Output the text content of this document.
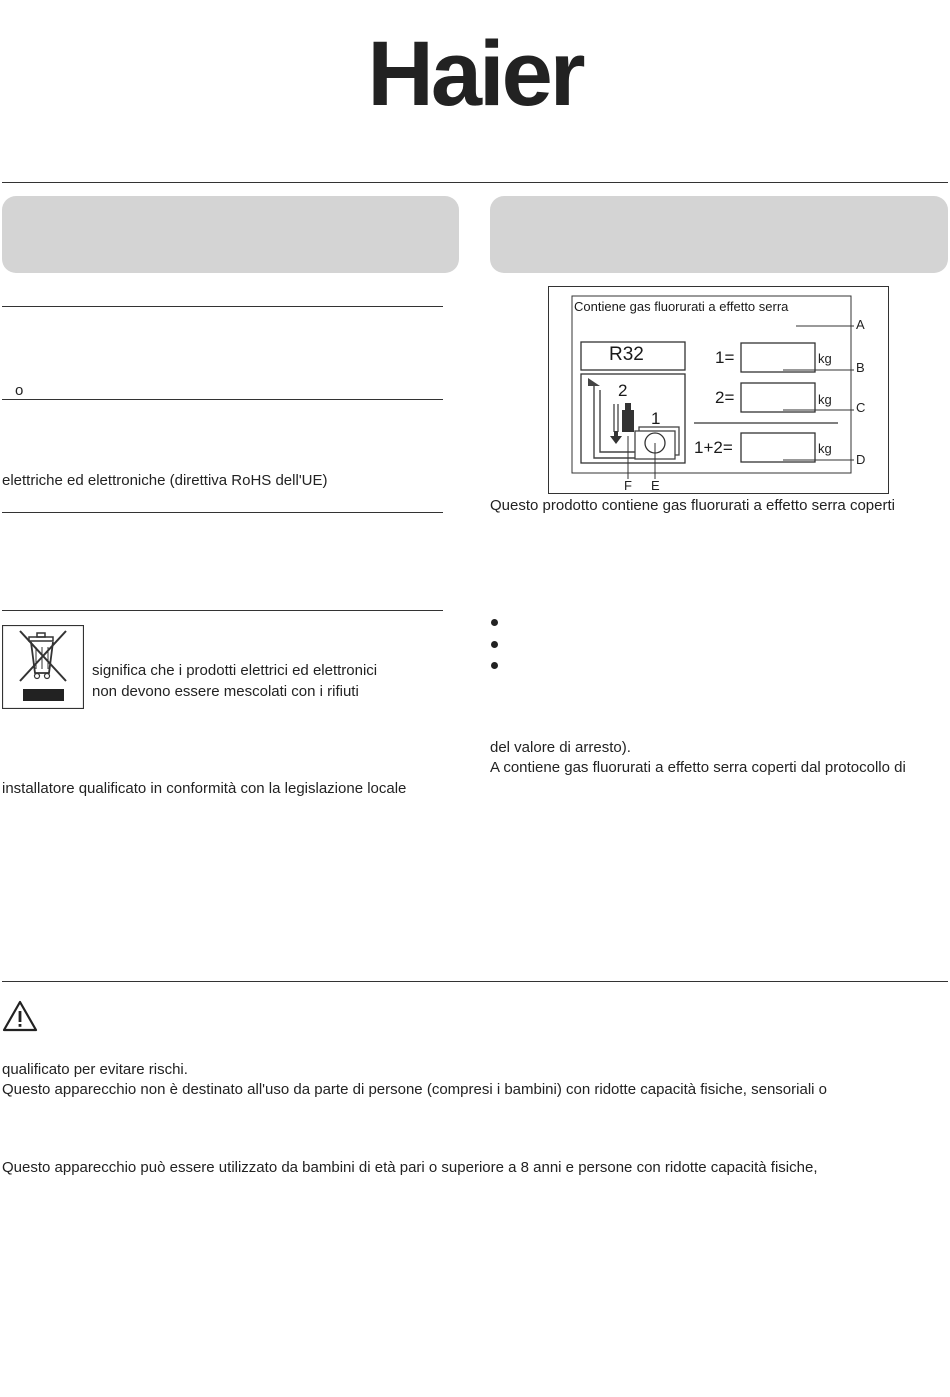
Haier
o
elettriche ed elettroniche (direttiva RoHS dell'UE)
significa che i prodotti elettrici ed elettronici
non devono essere mescolati con i rifiuti
installatore qualificato in conformità con la legislazione locale
Contiene gas fluorurati a effetto serra
R32
2
1
1=
2=
1+2=
kg
kg
kg
A
B
C
D
F E
Questo prodotto contiene gas fluorurati a effetto serra coperti
del valore di arresto).
A contiene gas fluorurati a effetto serra coperti dal protocollo di
qualificato per evitare rischi.
Questo apparecchio non è destinato all'uso da parte di persone (compresi i bambini) con ridotte capacità fisiche, sensoriali o
Questo apparecchio può essere utilizzato da bambini di età pari o superiore a 8 anni e persone con ridotte capacità fisiche,
